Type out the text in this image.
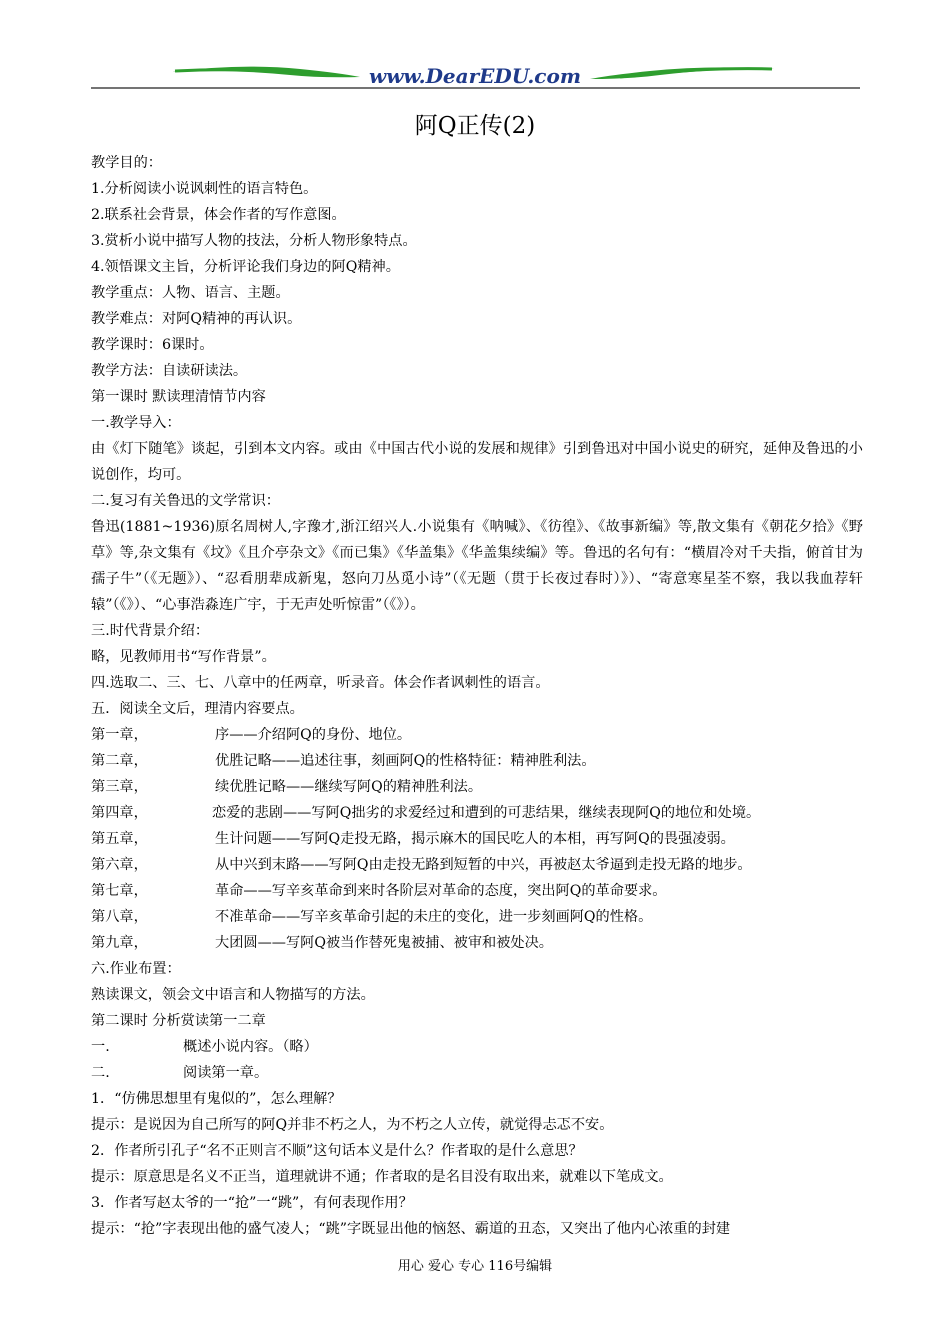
www.DearEDU.com
阿Q正传(2)
教学目的：
1.分析阅读小说讽刺性的语言特色。
2.联系社会背景，体会作者的写作意图。
3.赏析小说中描写人物的技法，分析人物形象特点。
4.领悟课文主旨，分析评论我们身边的阿Q精神。
教学重点：人物、语言、主题。
教学难点：对阿Q精神的再认识。
教学课时：6课时。
教学方法：自读研读法。
第一课时 默读理清情节内容
一.教学导入：
由《灯下随笔》谈起，引到本文内容。或由《中国古代小说的发展和规律》引到鲁迅对中国小说史的研究，延伸及鲁迅的小说创作，均可。
二.复习有关鲁迅的文学常识：
鲁迅(1881~1936)原名周树人,字豫才,浙江绍兴人.小说集有《呐喊》、《彷徨》、《故事新编》等,散文集有《朝花夕拾》《野草》等,杂文集有《坟》《且介亭杂文》《而已集》《华盖集》《华盖集续编》等。鲁迅的名句有：“横眉冷对千夫指，俯首甘为孺子牛”（《无题》）、“忍看朋辈成新鬼，怒向刀丛觅小诗”（《无题（贯于长夜过春时）》）、“寄意寒星荃不察，我以我血荐轩辕”（《》）、“心事浩淼连广宇，于无声处听惊雷”（《》）。
三.时代背景介绍：
略，见教师用书“写作背景”。
四.选取二、三、七、八章中的任两章，听录音。体会作者讽刺性的语言。
五．阅读全文后，理清内容要点。
第一章，	序——介绍阿Q的身份、地位。
第二章，	优胜记略——追述往事，刻画阿Q的性格特征：精神胜利法。
第三章，	续优胜记略——继续写阿Q的精神胜利法。
第四章，	恋爱的悲剧——写阿Q拙劣的求爱经过和遭到的可悲结果，继续表现阿Q的地位和处境。
第五章，	生计问题——写阿Q走投无路，揭示麻木的国民吃人的本相，再写阿Q的畏强凌弱。
第六章，	从中兴到末路——写阿Q由走投无路到短暂的中兴，再被赵太爷逼到走投无路的地步。
第七章，	革命——写辛亥革命到来时各阶层对革命的态度，突出阿Q的革命要求。
第八章，	不准革命——写辛亥革命引起的未庄的变化，进一步刻画阿Q的性格。
第九章，	大团圆——写阿Q被当作替死鬼被捕、被审和被处决。
六.作业布置：
熟读课文，领会文中语言和人物描写的方法。
第二课时 分析赏读第一二章
一.	概述小说内容。（略）
二.	阅读第一章。
1．“仿佛思想里有鬼似的”，怎么理解？
提示：是说因为自己所写的阿Q并非不朽之人，为不朽之人立传，就觉得忐忑不安。
2．作者所引孔子“名不正则言不顺”这句话本义是什么？作者取的是什么意思？
提示：原意思是名义不正当，道理就讲不通；作者取的是名目没有取出来，就难以下笔成文。
3．作者写赵太爷的一“抢”一“跳”，有何表现作用？
提示：“抢”字表现出他的盛气凌人；“跳”字既显出他的恼怒、霸道的丑态，又突出了他内心浓重的封建
用心 爱心 专心 116号编辑
